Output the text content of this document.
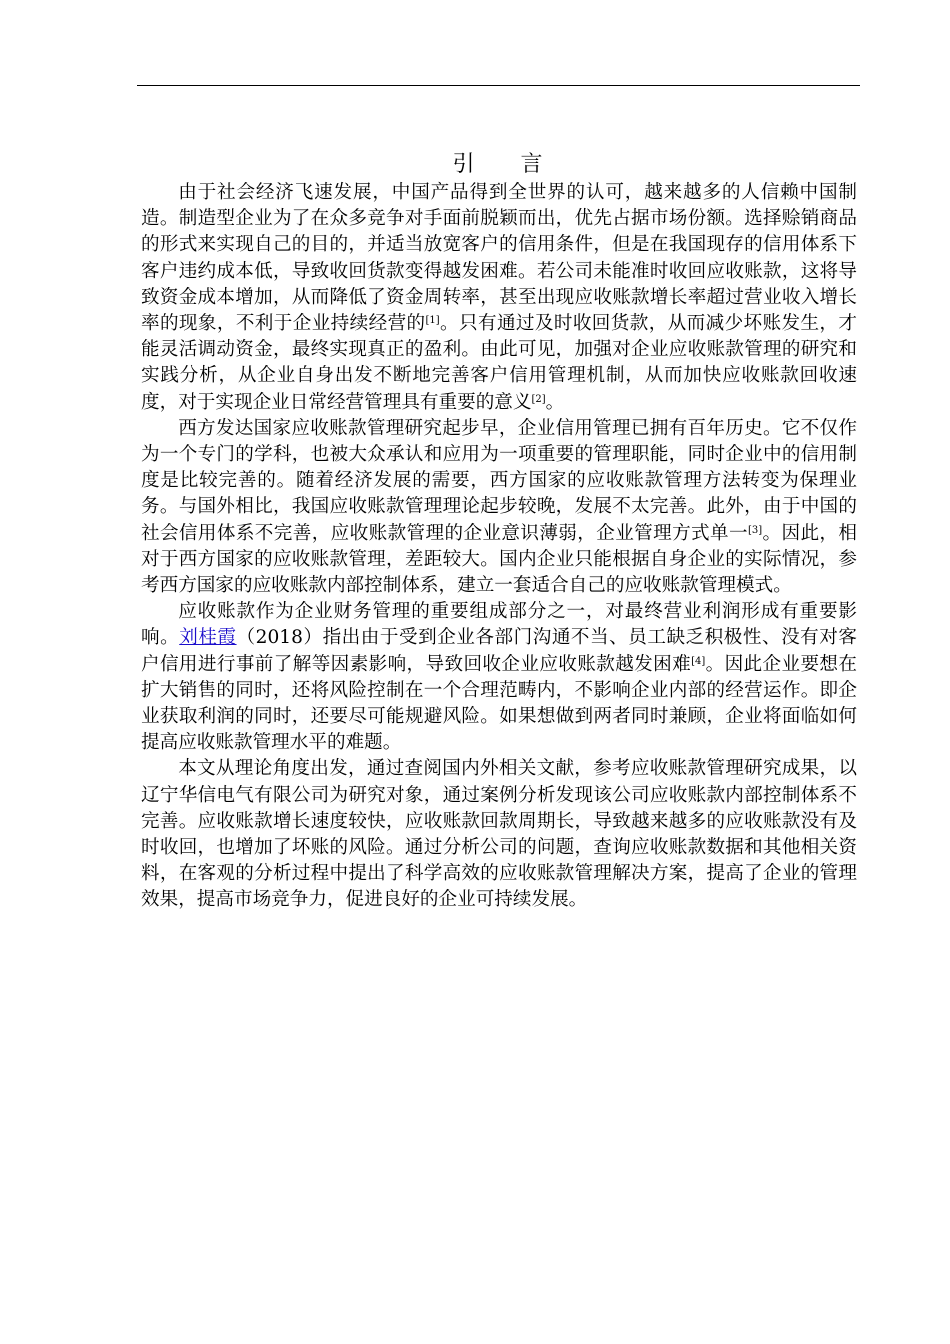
引 言

由于社会经济飞速发展，中国产品得到全世界的认可，越来越多的人信赖中国制造。制造型企业为了在众多竞争对手面前脱颖而出，优先占据市场份额。选择赊销商品的形式来实现自己的目的，并适当放宽客户的信用条件，但是在我国现存的信用体系下客户违约成本低，导致收回货款变得越发困难。若公司未能准时收回应收账款，这将导致资金成本增加，从而降低了资金周转率，甚至出现应收账款增长率超过营业收入增长率的现象，不利于企业持续经营的[1]。只有通过及时收回货款，从而减少坏账发生，才能灵活调动资金，最终实现真正的盈利。由此可见，加强对企业应收账款管理的研究和实践分析，从企业自身出发不断地完善客户信用管理机制，从而加快应收账款回收速度，对于实现企业日常经营管理具有重要的意义[2]。

西方发达国家应收账款管理研究起步早，企业信用管理已拥有百年历史。它不仅作为一个专门的学科，也被大众承认和应用为一项重要的管理职能，同时企业中的信用制度是比较完善的。随着经济发展的需要，西方国家的应收账款管理方法转变为保理业务。与国外相比，我国应收账款管理理论起步较晚，发展不太完善。此外，由于中国的社会信用体系不完善，应收账款管理的企业意识薄弱，企业管理方式单一[3]。因此，相对于西方国家的应收账款管理，差距较大。国内企业只能根据自身企业的实际情况，参考西方国家的应收账款内部控制体系，建立一套适合自己的应收账款管理模式。

应收账款作为企业财务管理的重要组成部分之一，对最终营业利润形成有重要影响。刘桂霞（2018）指出由于受到企业各部门沟通不当、员工缺乏积极性、没有对客户信用进行事前了解等因素影响，导致回收企业应收账款越发困难[4]。因此企业要想在扩大销售的同时，还将风险控制在一个合理范畴内，不影响企业内部的经营运作。即企业获取利润的同时，还要尽可能规避风险。如果想做到两者同时兼顾，企业将面临如何提高应收账款管理水平的难题。

本文从理论角度出发，通过查阅国内外相关文献，参考应收账款管理研究成果，以辽宁华信电气有限公司为研究对象，通过案例分析发现该公司应收账款内部控制体系不完善。应收账款增长速度较快，应收账款回款周期长，导致越来越多的应收账款没有及时收回，也增加了坏账的风险。通过分析公司的问题，查询应收账款数据和其他相关资料，在客观的分析过程中提出了科学高效的应收账款管理解决方案，提高了企业的管理效果，提高市场竞争力，促进良好的企业可持续发展。
